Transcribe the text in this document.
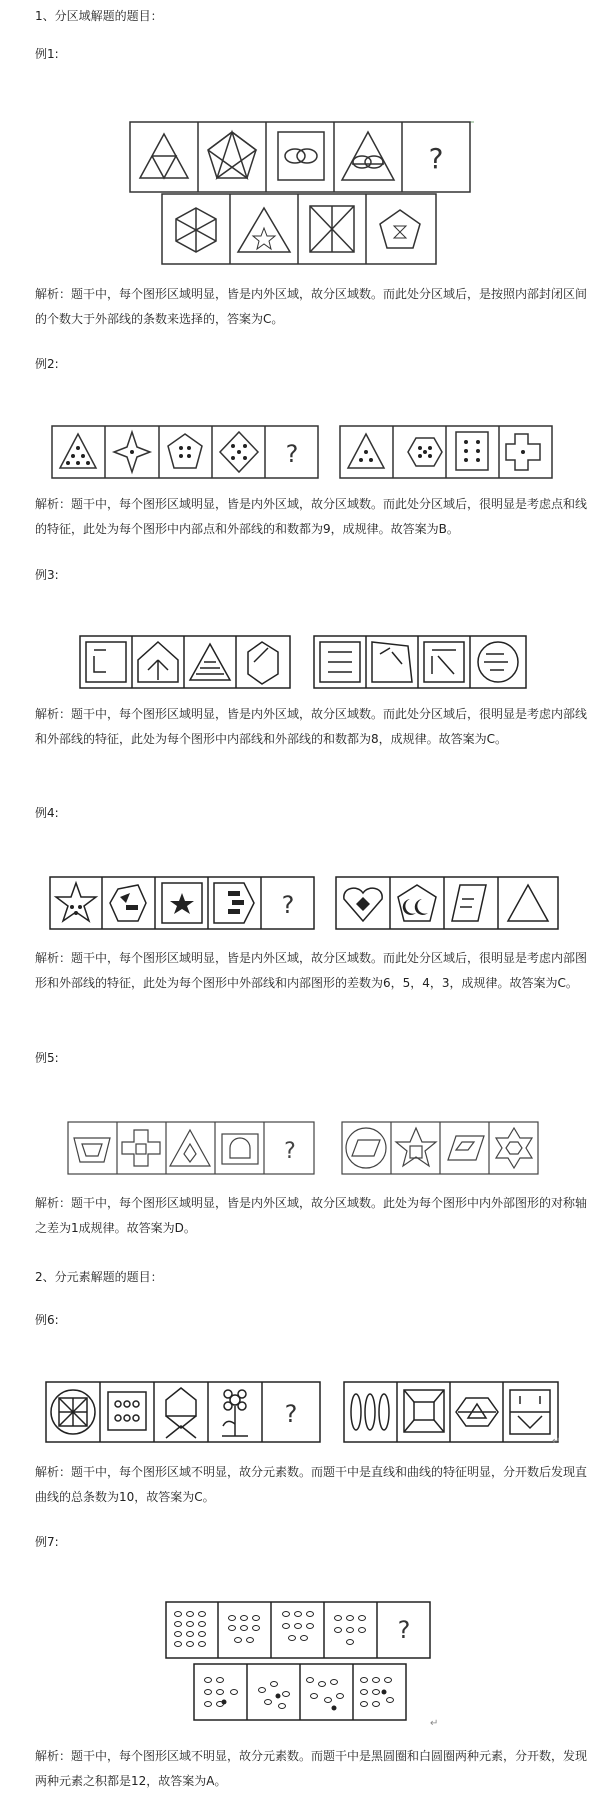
1、分区域解题的题目：

例1:

?

解析：题干中，每个图形区域明显，皆是内外区域，故分区域数。而此处分区域后，是按照内部封闭区间的个数大于外部线的条数来选择的，答案为C。

例2:

?

解析：题干中，每个图形区域明显，皆是内外区域，故分区域数。而此处分区域后，很明显是考虑点和线的特征，此处为每个图形中内部点和外部线的和数都为9，成规律。故答案为B。

例3:

解析：题干中，每个图形区域明显，皆是内外区域，故分区域数。而此处分区域后，很明显是考虑内部线和外部线的特征，此处为每个图形中内部线和外部线的和数都为8，成规律。故答案为C。

例4:

?

解析：题干中，每个图形区域明显，皆是内外区域，故分区域数。而此处分区域后，很明显是考虑内部图形和外部线的特征，此处为每个图形中外部线和内部图形的差数为6，5，4，3，成规律。故答案为C。

例5:

?

解析：题干中，每个图形区域明显，皆是内外区域，故分区域数。此处为每个图形中内外部图形的对称轴之差为1成规律。故答案为D。

2、分元素解题的题目：

例6:

?
↵

解析：题干中，每个图形区域不明显，故分元素数。而题干中是直线和曲线的特征明显，分开数后发现直曲线的总条数为10，故答案为C。

例7:

?
↵

解析：题干中，每个图形区域不明显，故分元素数。而题干中是黑圆圈和白圆圈两种元素，分开数，发现两种元素之积都是12，故答案为A。
